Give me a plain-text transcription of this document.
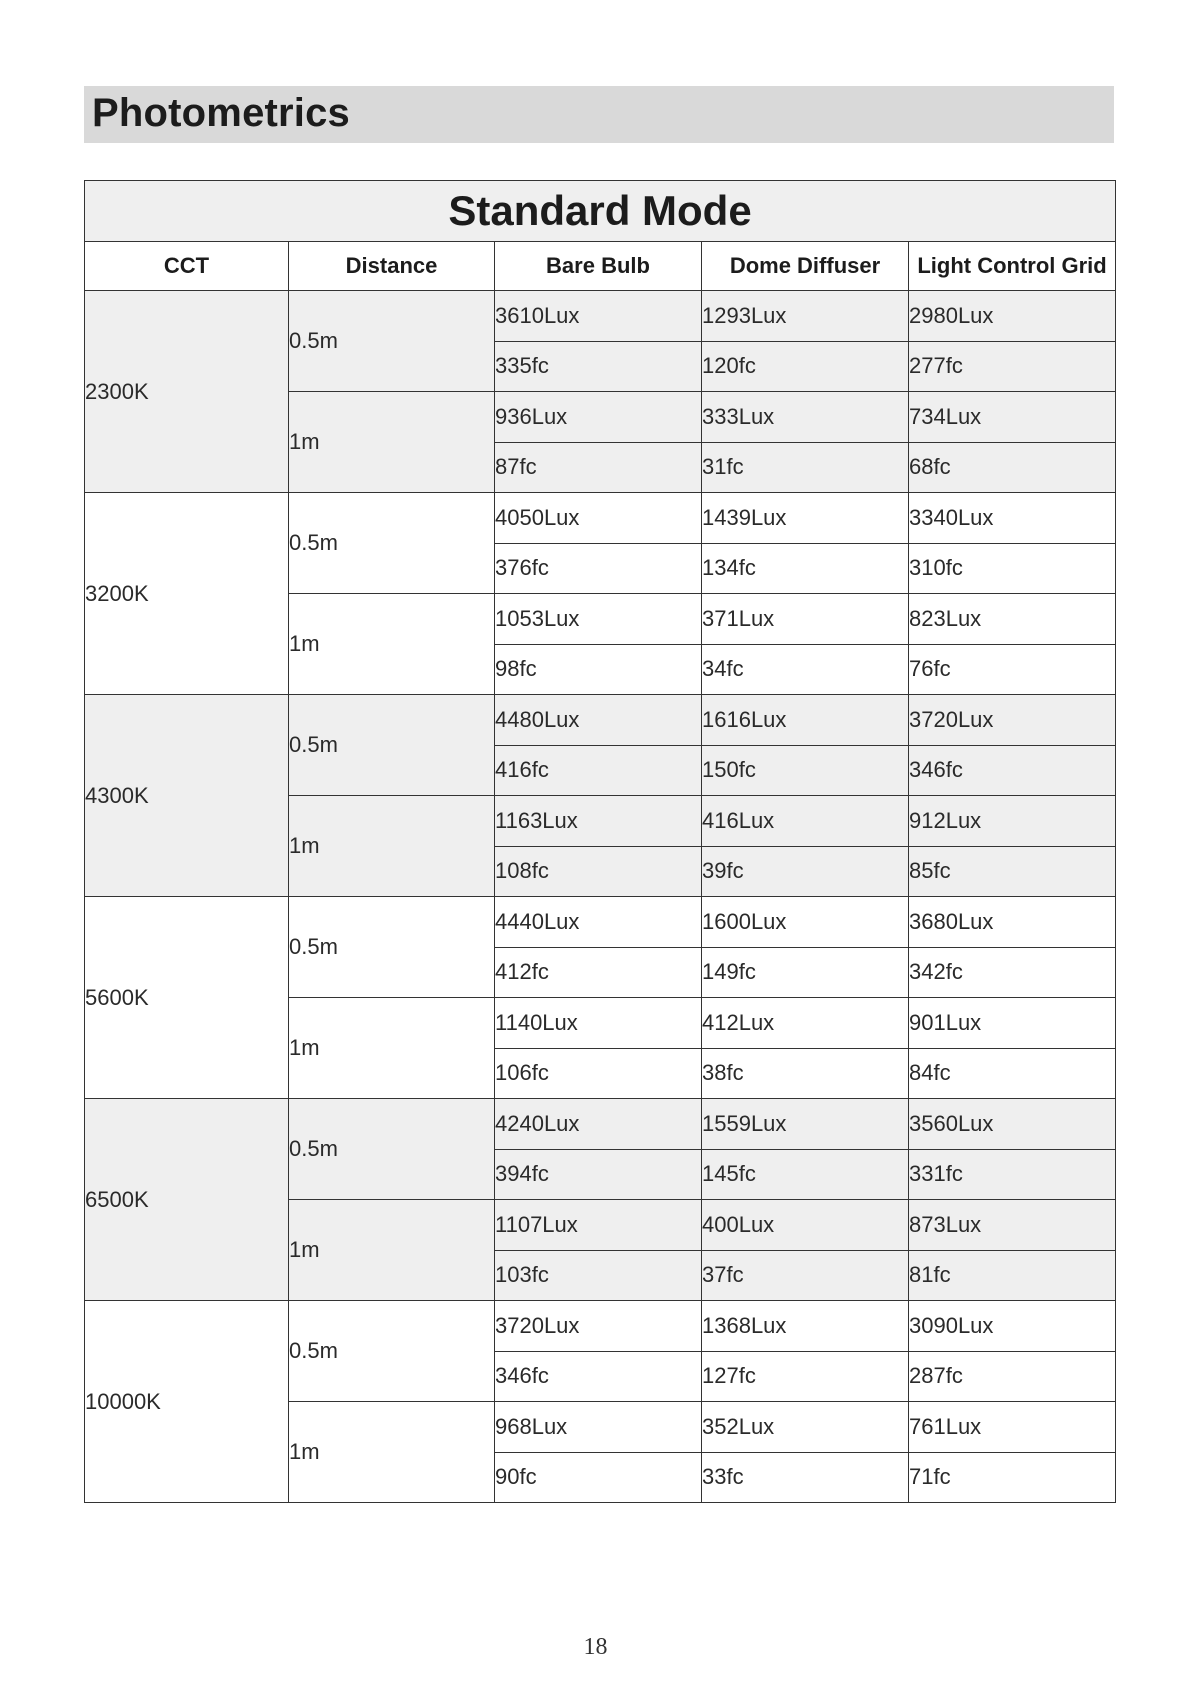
Photometrics
Standard Mode				
CCT	Distance	Bare Bulb	Dome Diffuser	Light Control Grid
2300K	0.5m	3610Lux	1293Lux	2980Lux
		335fc	120fc	277fc
	1m	936Lux	333Lux	734Lux
		87fc	31fc	68fc
3200K	0.5m	4050Lux	1439Lux	3340Lux
		376fc	134fc	310fc
	1m	1053Lux	371Lux	823Lux
		98fc	34fc	76fc
4300K	0.5m	4480Lux	1616Lux	3720Lux
		416fc	150fc	346fc
	1m	1163Lux	416Lux	912Lux
		108fc	39fc	85fc
5600K	0.5m	4440Lux	1600Lux	3680Lux
		412fc	149fc	342fc
	1m	1140Lux	412Lux	901Lux
		106fc	38fc	84fc
6500K	0.5m	4240Lux	1559Lux	3560Lux
		394fc	145fc	331fc
	1m	1107Lux	400Lux	873Lux
		103fc	37fc	81fc
10000K	0.5m	3720Lux	1368Lux	3090Lux
		346fc	127fc	287fc
	1m	968Lux	352Lux	761Lux
		90fc	33fc	71fc
18
